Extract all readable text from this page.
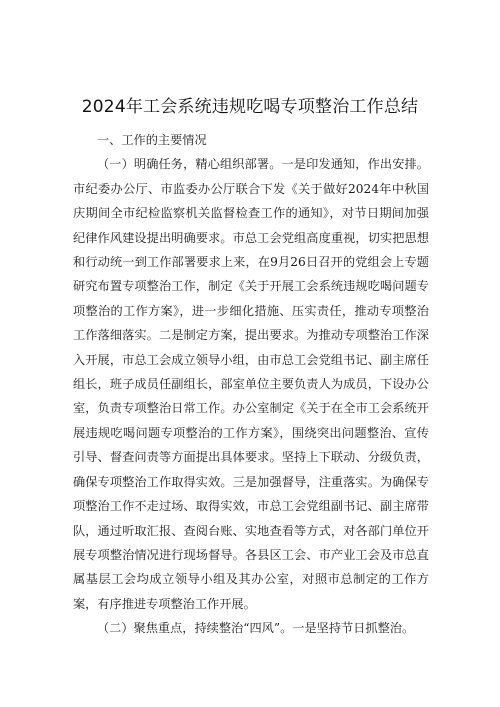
2024年工会系统违规吃喝专项整治工作总结

一、工作的主要情况

（一）明确任务，精心组织部署。一是印发通知，作出安排。市纪委办公厅、市监委办公厅联合下发《关于做好2024年中秋国庆期间全市纪检监察机关监督检查工作的通知》，对节日期间加强纪律作风建设提出明确要求。市总工会党组高度重视，切实把思想和行动统一到工作部署要求上来，在9月26日召开的党组会上专题研究布置专项整治工作，制定《关于开展工会系统违规吃喝问题专项整治的工作方案》，进一步细化措施、压实责任，推动专项整治工作落细落实。二是制定方案，提出要求。为推动专项整治工作深入开展，市总工会成立领导小组，由市总工会党组书记、副主席任组长，班子成员任副组长，部室单位主要负责人为成员，下设办公室，负责专项整治日常工作。办公室制定《关于在全市工会系统开展违规吃喝问题专项整治的工作方案》，围绕突出问题整治、宣传引导、督查问责等方面提出具体要求。坚持上下联动、分级负责，确保专项整治工作取得实效。三是加强督导，注重落实。为确保专项整治工作不走过场、取得实效，市总工会党组副书记、副主席带队，通过听取汇报、查阅台账、实地查看等方式，对各部门单位开展专项整治情况进行现场督导。各县区工会、市产业工会及市总直属基层工会均成立领导小组及其办公室，对照市总制定的工作方案，有序推进专项整治工作开展。

（二）聚焦重点，持续整治“四风”。一是坚持节日抓整治。
